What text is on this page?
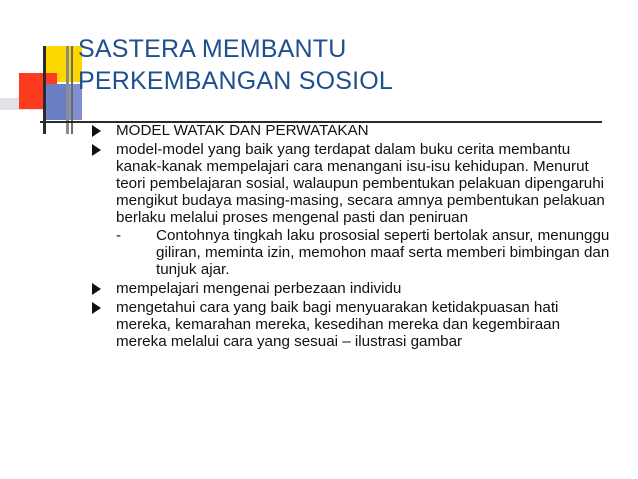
SASTERA MEMBANTU
PERKEMBANGAN SOSIOL
MODEL WATAK DAN PERWATAKAN
model-model yang baik yang terdapat dalam buku cerita membantu kanak-kanak mempelajari cara menangani isu-isu kehidupan. Menurut teori pembelajaran sosial, walaupun pembentukan pelakuan dipengaruhi mengikut budaya masing-masing, secara amnya pembentukan pelakuan berlaku melalui proses mengenal pasti dan peniruan
- Contohnya tingkah laku prososial seperti bertolak ansur, menunggu giliran, meminta izin, memohon maaf serta memberi bimbingan dan tunjuk ajar.
mempelajari mengenai perbezaan individu
mengetahui cara yang baik bagi menyuarakan ketidakpuasan hati mereka, kemarahan mereka, kesedihan mereka dan kegembiraan mereka melalui cara yang sesuai – ilustrasi gambar
